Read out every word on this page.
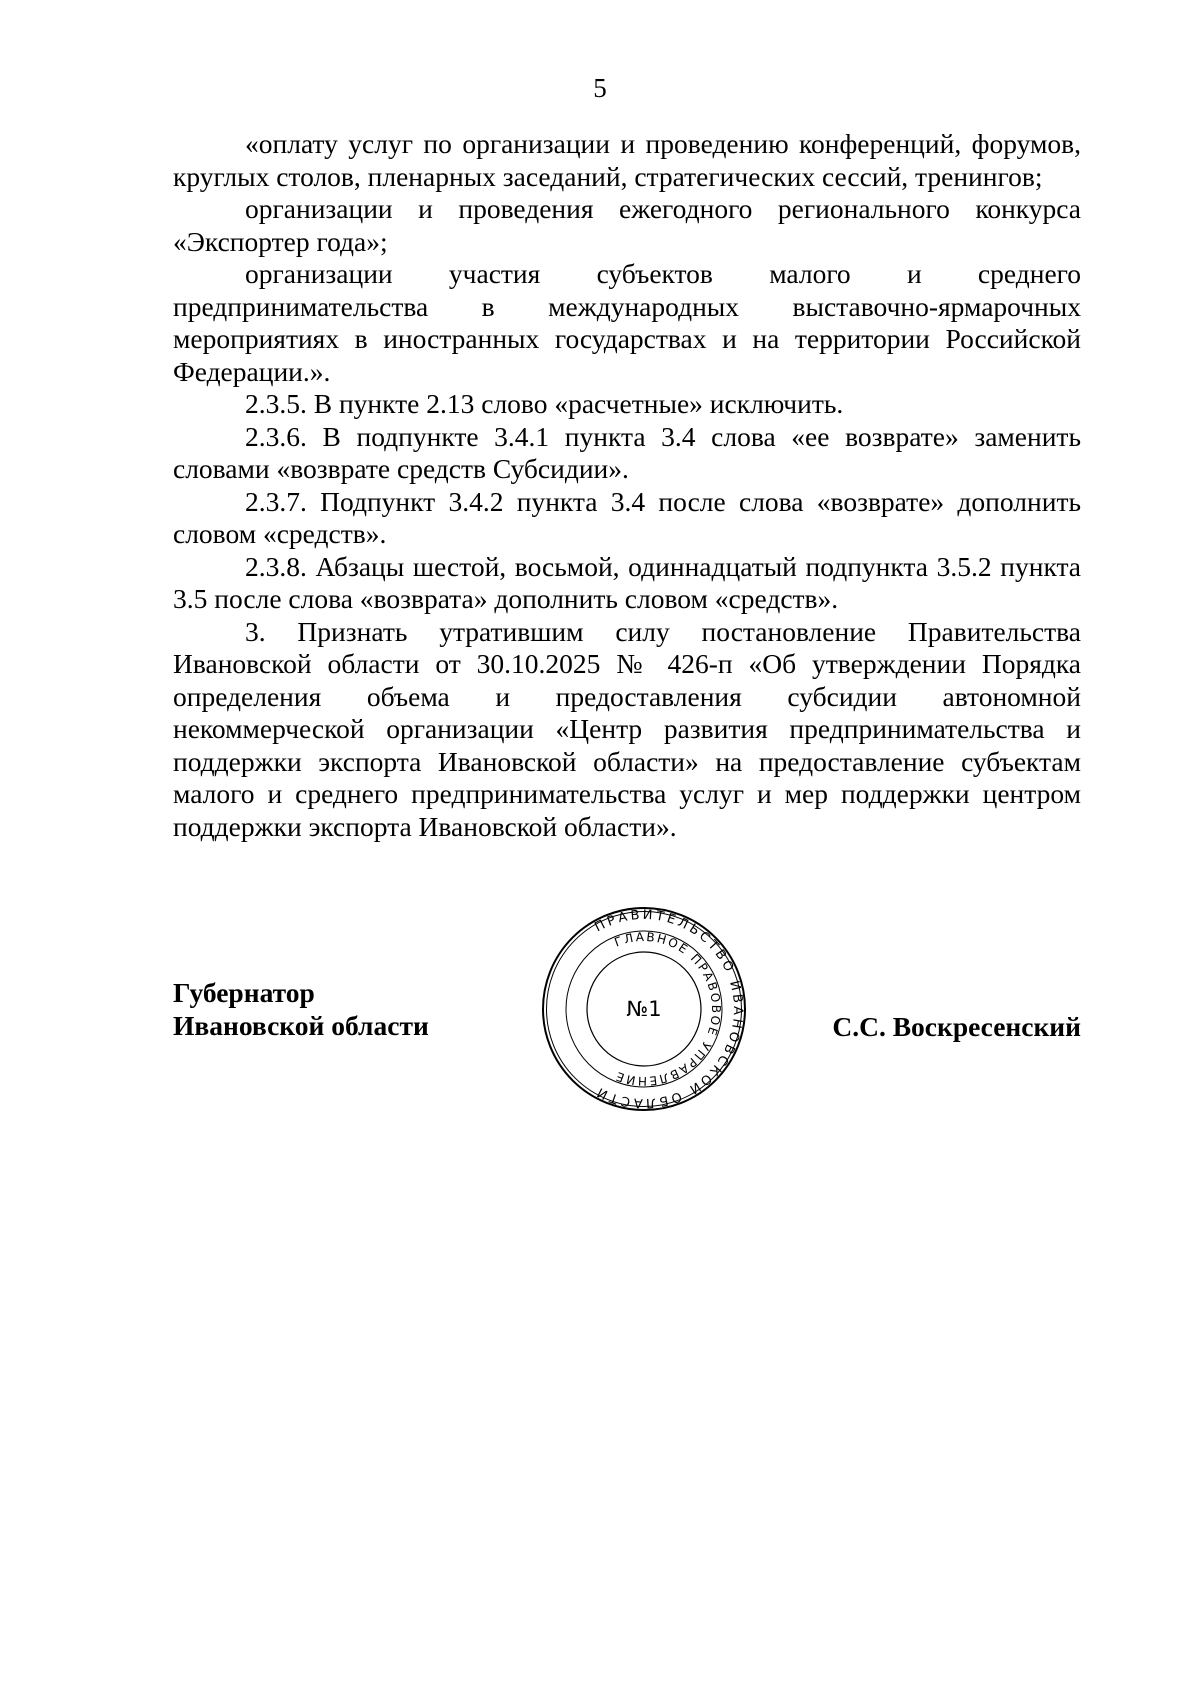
5

«оплату услуг по организации и проведению конференций, форумов, круглых столов, пленарных заседаний, стратегических сессий, тренингов;

организации и проведения ежегодного регионального конкурса «Экспортер года»;

организации участия субъектов малого и среднего предпринимательства в международных выставочно-ярмарочных мероприятиях в иностранных государствах и на территории Российской Федерации.».

2.3.5. В пункте 2.13 слово «расчетные» исключить.

2.3.6. В подпункте 3.4.1 пункта 3.4 слова «ее возврате» заменить словами «возврате средств Субсидии».

2.3.7. Подпункт 3.4.2 пункта 3.4 после слова «возврате» дополнить словом «средств».

2.3.8. Абзацы шестой, восьмой, одиннадцатый подпункта 3.5.2 пункта 3.5 после слова «возврата» дополнить словом «средств».

3. Признать утратившим силу постановление Правительства Ивановской области от 30.10.2025 № 426-п «Об утверждении Порядка определения объема и предоставления субсидии автономной некоммерческой организации «Центр развития предпринимательства и поддержки экспорта Ивановской области» на предоставление субъектам малого и среднего предпринимательства услуг и мер поддержки центром поддержки экспорта Ивановской области».

Губернатор
Ивановской области
ПРАВИТЕЛЬСТВО ИВАНОВСКОЙ ОБЛАСТИ
ГЛАВНОЕ ПРАВОВОЕ УПРАВЛЕНИЕ
№1
С.С. Воскресенский
